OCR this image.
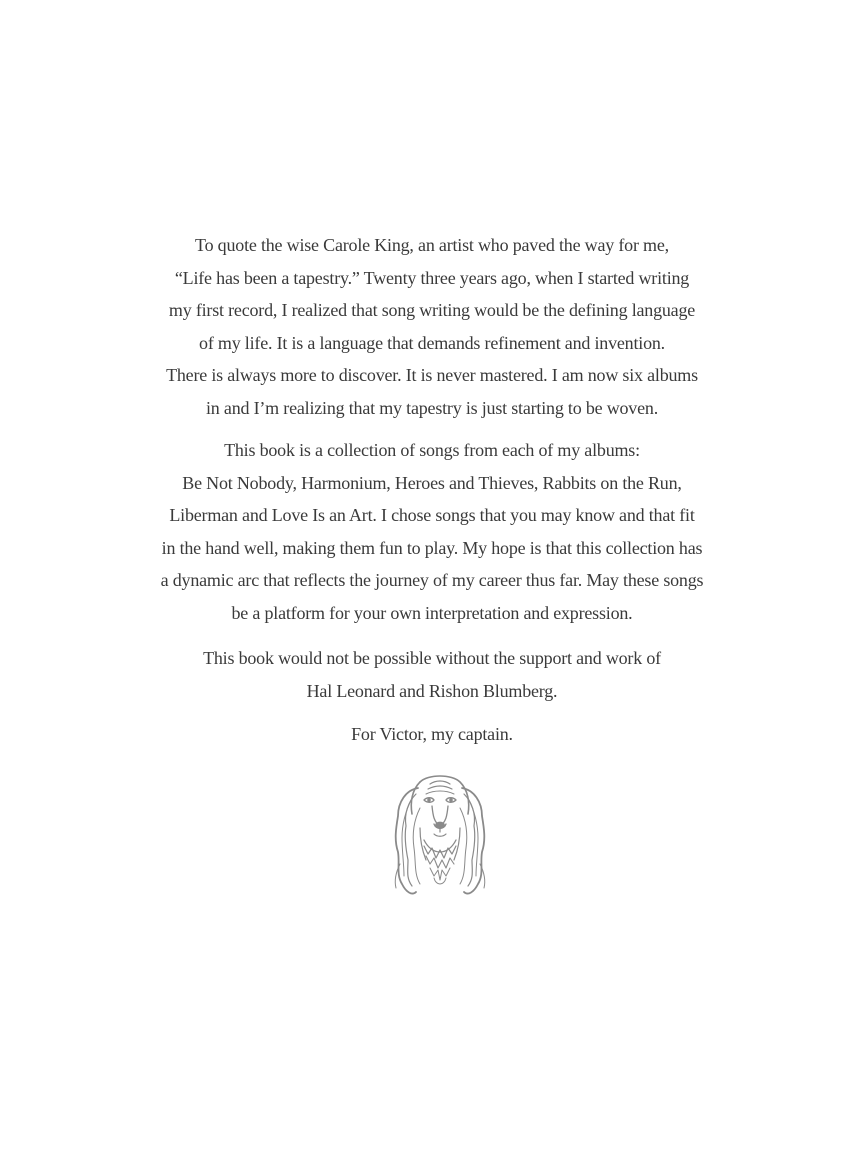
To quote the wise Carole King, an artist who paved the way for me,
“Life has been a tapestry.” Twenty three years ago, when I started writing
my first record, I realized that song writing would be the defining language
of my life. It is a language that demands refinement and invention.
There is always more to discover. It is never mastered. I am now six albums
in and I’m realizing that my tapestry is just starting to be woven.
This book is a collection of songs from each of my albums:
Be Not Nobody, Harmonium, Heroes and Thieves, Rabbits on the Run,
Liberman and Love Is an Art. I chose songs that you may know and that fit
in the hand well, making them fun to play. My hope is that this collection has
a dynamic arc that reflects the journey of my career thus far. May these songs
be a platform for your own interpretation and expression.
This book would not be possible without the support and work of
Hal Leonard and Rishon Blumberg.
For Victor, my captain.
